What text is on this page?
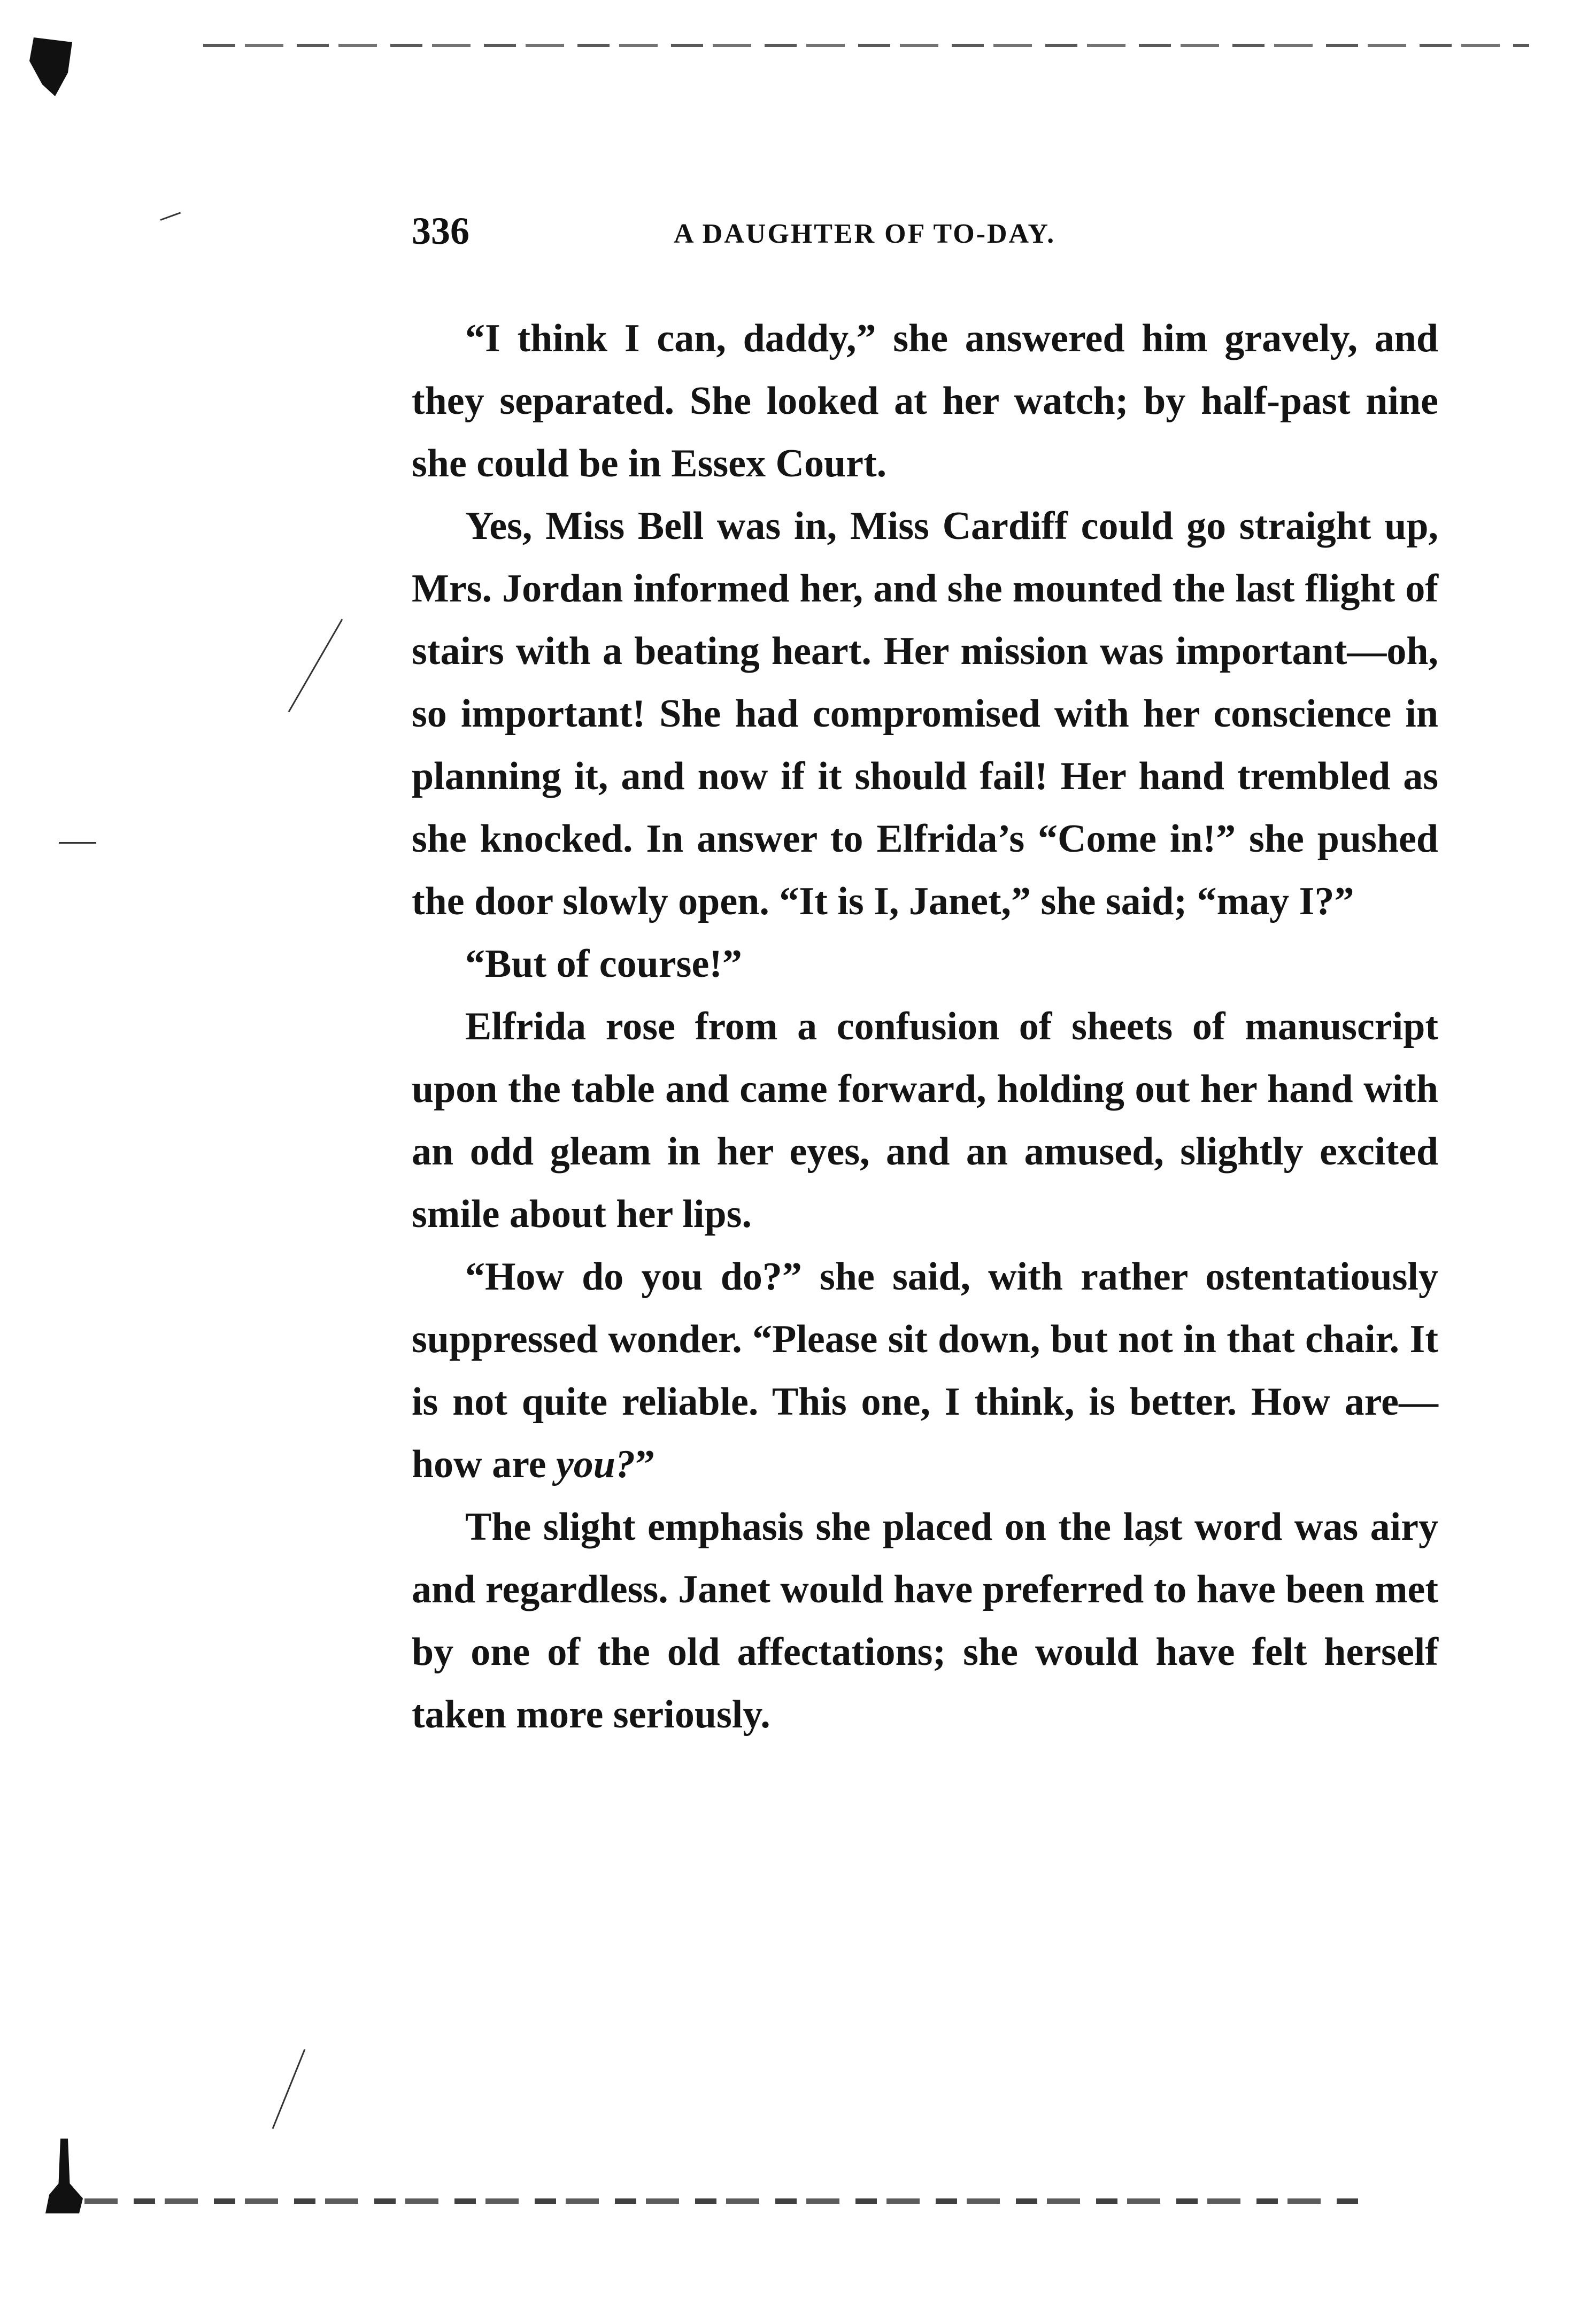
336	A DAUGHTER OF TO-DAY.

“I think I can, daddy,” she answered him gravely, and they separated. She looked at her watch; by half-past nine she could be in Essex Court.

Yes, Miss Bell was in, Miss Cardiff could go straight up, Mrs. Jordan informed her, and she mounted the last flight of stairs with a beating heart. Her mission was important—oh, so important! She had compromised with her conscience in planning it, and now if it should fail! Her hand trembled as she knocked. In answer to Elfrida’s “Come in!” she pushed the door slowly open. “It is I, Janet,” she said; “may I?”

“But of course!”

Elfrida rose from a confusion of sheets of manuscript upon the table and came forward, holding out her hand with an odd gleam in her eyes, and an amused, slightly excited smile about her lips.

“How do you do?” she said, with rather ostentatiously suppressed wonder. “Please sit down, but not in that chair. It is not quite reliable. This one, I think, is better. How are—how are you?”

The slight emphasis she placed on the last word was airy and regardless. Janet would have preferred to have been met by one of the old affectations; she would have felt herself taken more seriously.
